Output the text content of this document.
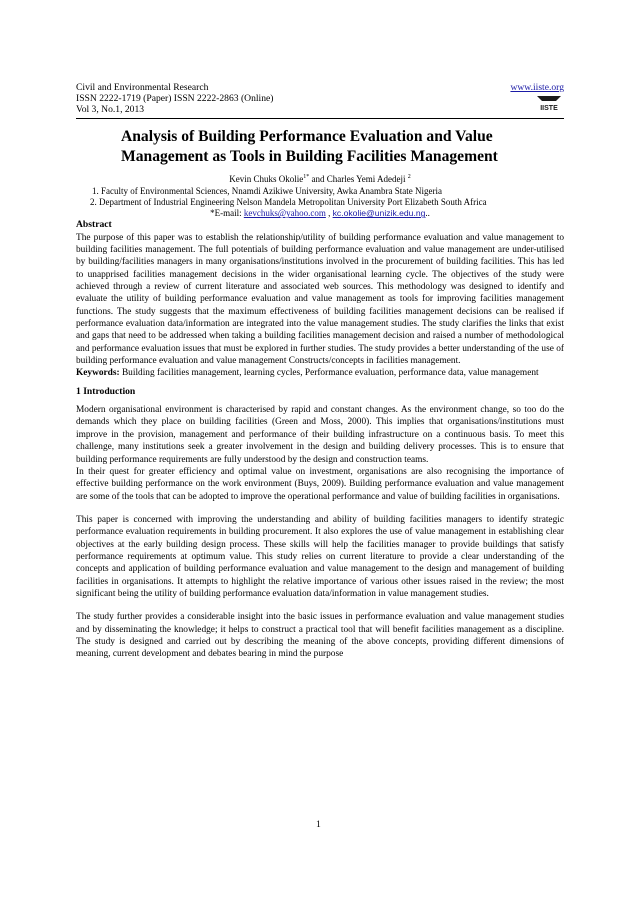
Civil and Environmental Research	www.iiste.org
ISSN 2222-1719 (Paper) ISSN 2222-2863 (Online)
Vol 3, No.1, 2013	IISTE
Analysis of Building Performance Evaluation and Value
Management as Tools in Building Facilities Management
Kevin Chuks Okolie$^{1*}$ and Charles Yemi Adedeji $^2$
1. Faculty of Environmental Sciences, Nnamdi Azikiwe University, Awka Anambra State Nigeria
2. Department of Industrial Engineering Nelson Mandela Metropolitan University Port Elizabeth South Africa
*E-mail: kevchuks@yahoo.com , kc.okolie@unizik.edu.ng..
Abstract

The purpose of this paper was to establish the relationship/utility of building performance evaluation and value management to building facilities management. The full potentials of building performance evaluation and value management are under-utilised by building/facilities managers in many organisations/institutions involved in the procurement of building facilities. This has led to unapprised facilities management decisions in the wider organisational learning cycle. The objectives of the study were achieved through a review of current literature and associated web sources. This methodology was designed to identify and evaluate the utility of building performance evaluation and value management as tools for improving facilities management functions. The study suggests that the maximum effectiveness of building facilities management decisions can be realised if performance evaluation data/information are integrated into the value management studies. The study clarifies the links that exist and gaps that need to be addressed when taking a building facilities management decision and raised a number of methodological and performance evaluation issues that must be explored in further studies. The study provides a better understanding of the use of building performance evaluation and value management Constructs/concepts in facilities management.

Keywords: Building facilities management, learning cycles, Performance evaluation, performance data, value management

1 Introduction

Modern organisational environment is characterised by rapid and constant changes. As the environment change, so too do the demands which they place on building facilities (Green and Moss, 2000). This implies that organisations/institutions must improve in the provision, management and performance of their building infrastructure on a continuous basis. To meet this challenge, many institutions seek a greater involvement in the design and building delivery processes. This is to ensure that building performance requirements are fully understood by the design and construction teams.

In their quest for greater efficiency and optimal value on investment, organisations are also recognising the importance of effective building performance on the work environment (Buys, 2009). Building performance evaluation and value management are some of the tools that can be adopted to improve the operational performance and value of building facilities in organisations.

This paper is concerned with improving the understanding and ability of building facilities managers to identify strategic performance evaluation requirements in building procurement. It also explores the use of value management in establishing clear objectives at the early building design process. These skills will help the facilities manager to provide buildings that satisfy performance requirements at optimum value. This study relies on current literature to provide a clear understanding of the concepts and application of building performance evaluation and value management to the design and management of building facilities in organisations. It attempts to highlight the relative importance of various other issues raised in the review; the most significant being the utility of building performance evaluation data/information in value management studies.

The study further provides a considerable insight into the basic issues in performance evaluation and value management studies and by disseminating the knowledge; it helps to construct a practical tool that will benefit facilities management as a discipline. The study is designed and carried out by describing the meaning of the above concepts, providing different dimensions of meaning, current development and debates bearing in mind the purpose

1
